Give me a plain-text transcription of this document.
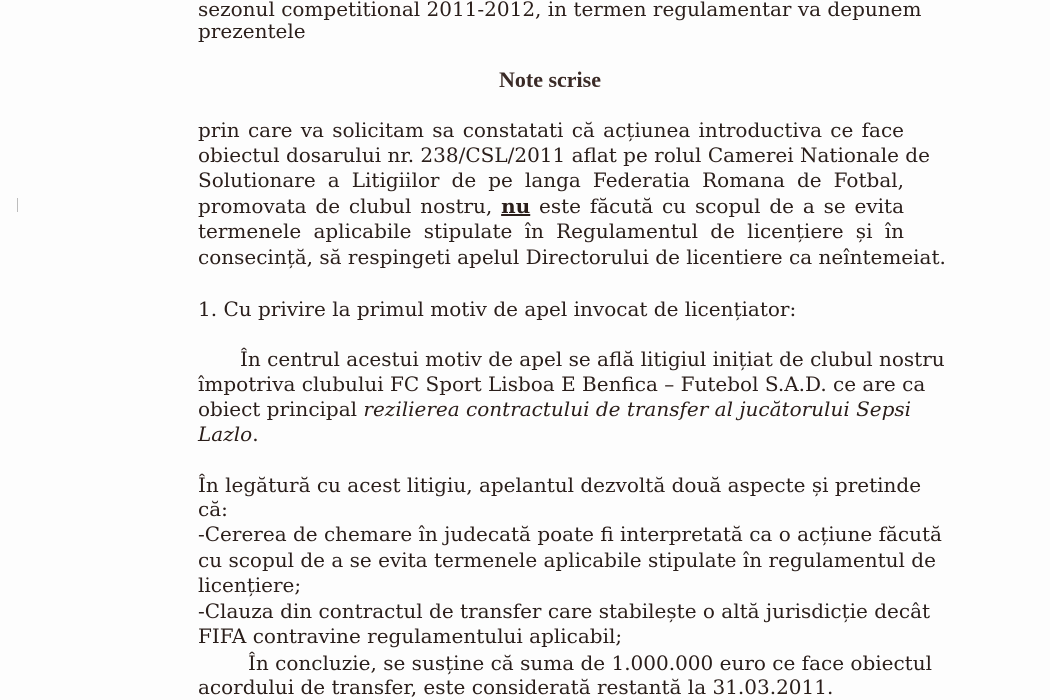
sezonul competitional 2011-2012, in termen regulamentar va depunem
prezentele
Note scrise
prin care va solicitam sa constatati că acțiunea introductiva ce face
obiectul dosarului nr. 238/CSL/2011 aflat pe rolul Camerei Nationale de
Solutionare a Litigiilor de pe langa Federatia Romana de Fotbal,
promovata de clubul nostru, nu este făcută cu scopul de a se evita
termenele aplicabile stipulate în Regulamentul de licențiere și în
consecință, să respingeti apelul Directorului de licentiere ca neîntemeiat.
1. Cu privire la primul motiv de apel invocat de licențiator:
În centrul acestui motiv de apel se află litigiul inițiat de clubul nostru
împotriva clubului FC Sport Lisboa E Benfica – Futebol S.A.D. ce are ca
obiect principal rezilierea contractului de transfer al jucătorului Sepsi
Lazlo.
În legătură cu acest litigiu, apelantul dezvoltă două aspecte și pretinde
că:
-Cererea de chemare în judecată poate fi interpretată ca o acțiune făcută
cu scopul de a se evita termenele aplicabile stipulate în regulamentul de
licențiere;
-Clauza din contractul de transfer care stabilește o altă jurisdicție decât
FIFA contravine regulamentului aplicabil;
În concluzie, se susține că suma de 1.000.000 euro ce face obiectul
acordului de transfer, este considerată restantă la 31.03.2011.
